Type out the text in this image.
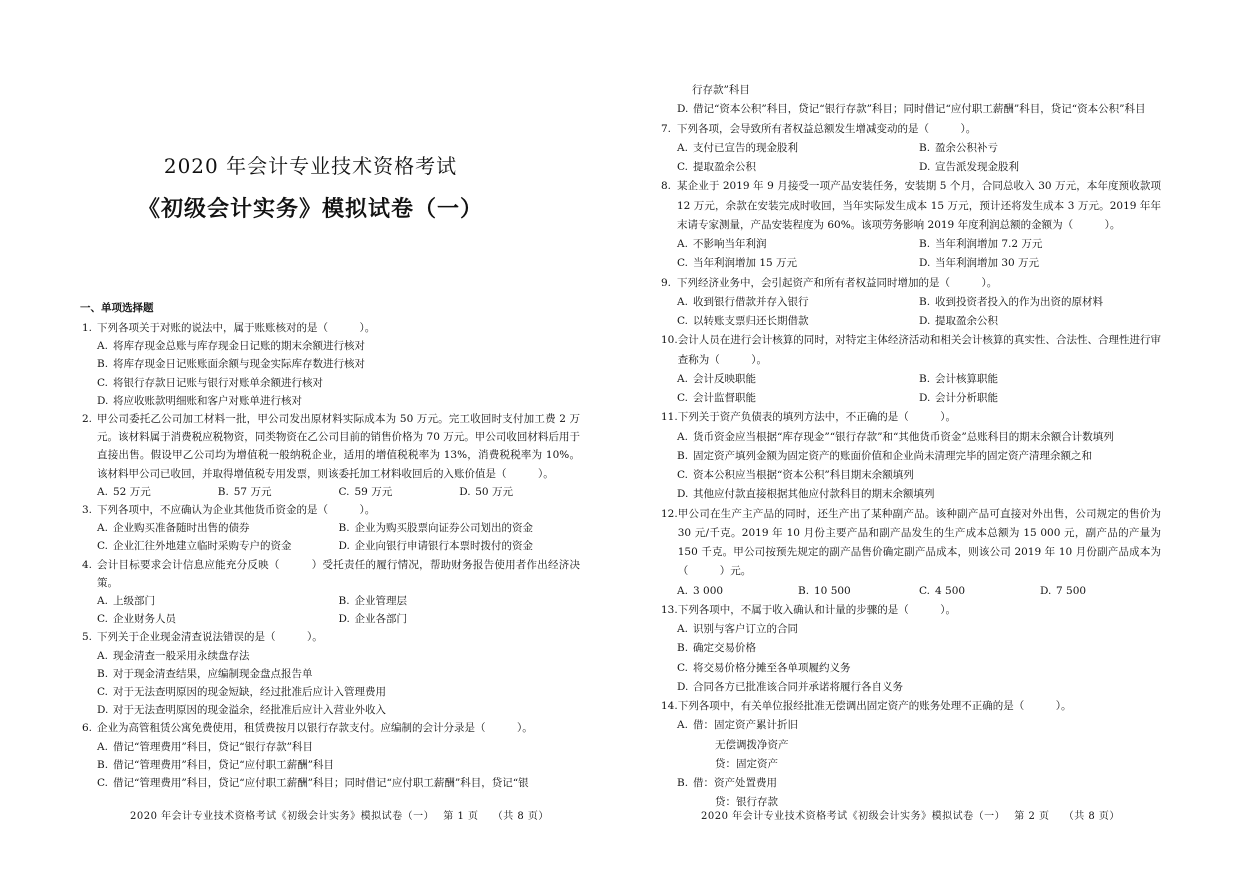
2020 年会计专业技术资格考试
《初级会计实务》模拟试卷（一）
一、单项选择题
1. 下列各项关于对账的说法中，属于账账核对的是（　　　）。
A. 将库存现金总账与库存现金日记账的期末余额进行核对
B. 将库存现金日记账账面余额与现金实际库存数进行核对
C. 将银行存款日记账与银行对账单余额进行核对
D. 将应收账款明细账和客户对账单进行核对
2. 甲公司委托乙公司加工材料一批，甲公司发出原材料实际成本为 50 万元。完工收回时支付加工费 2 万元。该材料属于消费税应税物资，同类物资在乙公司目前的销售价格为 70 万元。甲公司收回材料后用于直接出售。假设甲乙公司均为增值税一般纳税企业，适用的增值税税率为 13%，消费税税率为 10%。该材料甲公司已收回，并取得增值税专用发票，则该委托加工材料收回后的入账价值是（　　　）。
A. 52 万元	B. 57 万元	C. 59 万元	D. 50 万元
3. 下列各项中，不应确认为企业其他货币资金的是（　　　）。
A. 企业购买准备随时出售的债券	B. 企业为购买股票向证券公司划出的资金
C. 企业汇往外地建立临时采购专户的资金	D. 企业向银行申请银行本票时拨付的资金
4. 会计目标要求会计信息应能充分反映（　　　）受托责任的履行情况，帮助财务报告使用者作出经济决策。
A. 上级部门	B. 企业管理层
C. 企业财务人员	D. 企业各部门
5. 下列关于企业现金清查说法错误的是（　　　）。
A. 现金清查一般采用永续盘存法
B. 对于现金清查结果，应编制现金盘点报告单
C. 对于无法查明原因的现金短缺，经过批准后应计入管理费用
D. 对于无法查明原因的现金溢余，经批准后应计入营业外收入
6. 企业为高管租赁公寓免费使用，租赁费按月以银行存款支付。应编制的会计分录是（　　　）。
A. 借记“管理费用”科目，贷记“银行存款”科目
B. 借记“管理费用”科目，贷记“应付职工薪酬”科目
C. 借记“管理费用”科目，贷记“应付职工薪酬”科目；同时借记“应付职工薪酬”科目，贷记“银
2020 年会计专业技术资格考试《初级会计实务》模拟试卷（一）　 第 1 页　 （共 8 页）
行存款”科目
D. 借记“资本公积”科目，贷记“银行存款”科目；同时借记“应付职工薪酬”科目，贷记“资本公积”科目
7. 下列各项，会导致所有者权益总额发生增减变动的是（　　　）。
A. 支付已宣告的现金股利	B. 盈余公积补亏
C. 提取盈余公积	D. 宣告派发现金股利
8. 某企业于 2019 年 9 月接受一项产品安装任务，安装期 5 个月，合同总收入 30 万元，本年度预收款项 12 万元，余款在安装完成时收回，当年实际发生成本 15 万元，预计还将发生成本 3 万元。2019 年年末请专家测量，产品安装程度为 60%。该项劳务影响 2019 年度利润总额的金额为（　　　）。
A. 不影响当年利润	B. 当年利润增加 7.2 万元
C. 当年利润增加 15 万元	D. 当年利润增加 30 万元
9. 下列经济业务中，会引起资产和所有者权益同时增加的是（　　　）。
A. 收到银行借款并存入银行	B. 收到投资者投入的作为出资的原材料
C. 以转账支票归还长期借款	D. 提取盈余公积
10. 会计人员在进行会计核算的同时，对特定主体经济活动和相关会计核算的真实性、合法性、合理性进行审查称为（　　　）。
A. 会计反映职能	B. 会计核算职能
C. 会计监督职能	D. 会计分析职能
11. 下列关于资产负债表的填列方法中，不正确的是（　　　）。
A. 货币资金应当根据“库存现金”“银行存款”和“其他货币资金”总账科目的期末余额合计数填列
B. 固定资产填列金额为固定资产的账面价值和企业尚未清理完毕的固定资产清理余额之和
C. 资本公积应当根据“资本公积”科目期末余额填列
D. 其他应付款直接根据其他应付款科目的期末余额填列
12. 甲公司在生产主产品的同时，还生产出了某种副产品。该种副产品可直接对外出售，公司规定的售价为 30 元/千克。2019 年 10 月份主要产品和副产品发生的生产成本总额为 15 000 元，副产品的产量为 150 千克。甲公司按预先规定的副产品售价确定副产品成本，则该公司 2019 年 10 月份副产品成本为（　　　）元。
A. 3 000	B. 10 500	C. 4 500	D. 7 500
13. 下列各项中，不属于收入确认和计量的步骤的是（　　　）。
A. 识别与客户订立的合同
B. 确定交易价格
C. 将交易价格分摊至各单项履约义务
D. 合同各方已批准该合同并承诺将履行各自义务
14. 下列各项中，有关单位报经批准无偿调出固定资产的账务处理不正确的是（　　　）。
A. 借：固定资产累计折旧
无偿调拨净资产
贷：固定资产
B. 借：资产处置费用
贷：银行存款
2020 年会计专业技术资格考试《初级会计实务》模拟试卷（一）　 第 2 页　 （共 8 页）
